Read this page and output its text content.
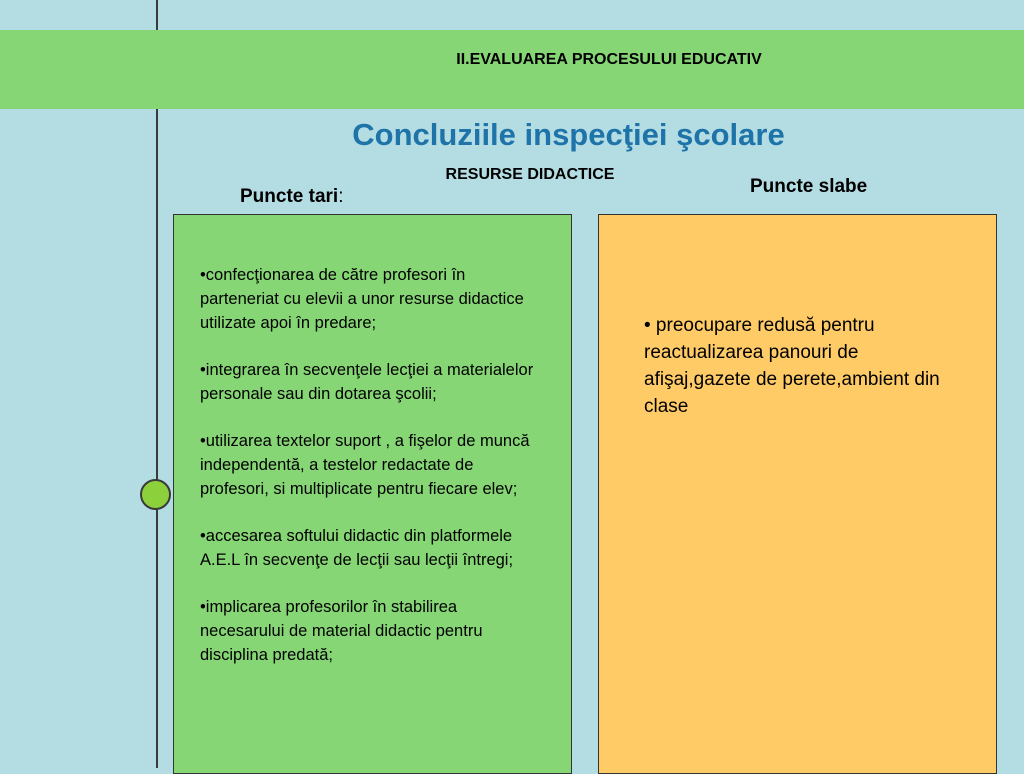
II.EVALUAREA PROCESULUI EDUCATIV
Concluziile inspecţiei şcolare
RESURSE DIDACTICE
Puncte tari:	Puncte slabe

•confecţionarea de către profesori în parteneriat cu elevii a unor resurse didactice utilizate apoi în predare;

•integrarea în secvenţele lecţiei a materialelor personale sau din dotarea şcolii;

•utilizarea textelor suport , a fişelor de muncă independentă, a testelor redactate de profesori, si multiplicate pentru fiecare elev;

•accesarea softului didactic din platformele A.E.L în secvenţe de lecţii sau lecţii întregi;

•implicarea profesorilor în stabilirea necesarului de material didactic pentru disciplina predată;

• preocupare redusă pentru reactualizarea panouri de afişaj,gazete de perete,ambient din clase
